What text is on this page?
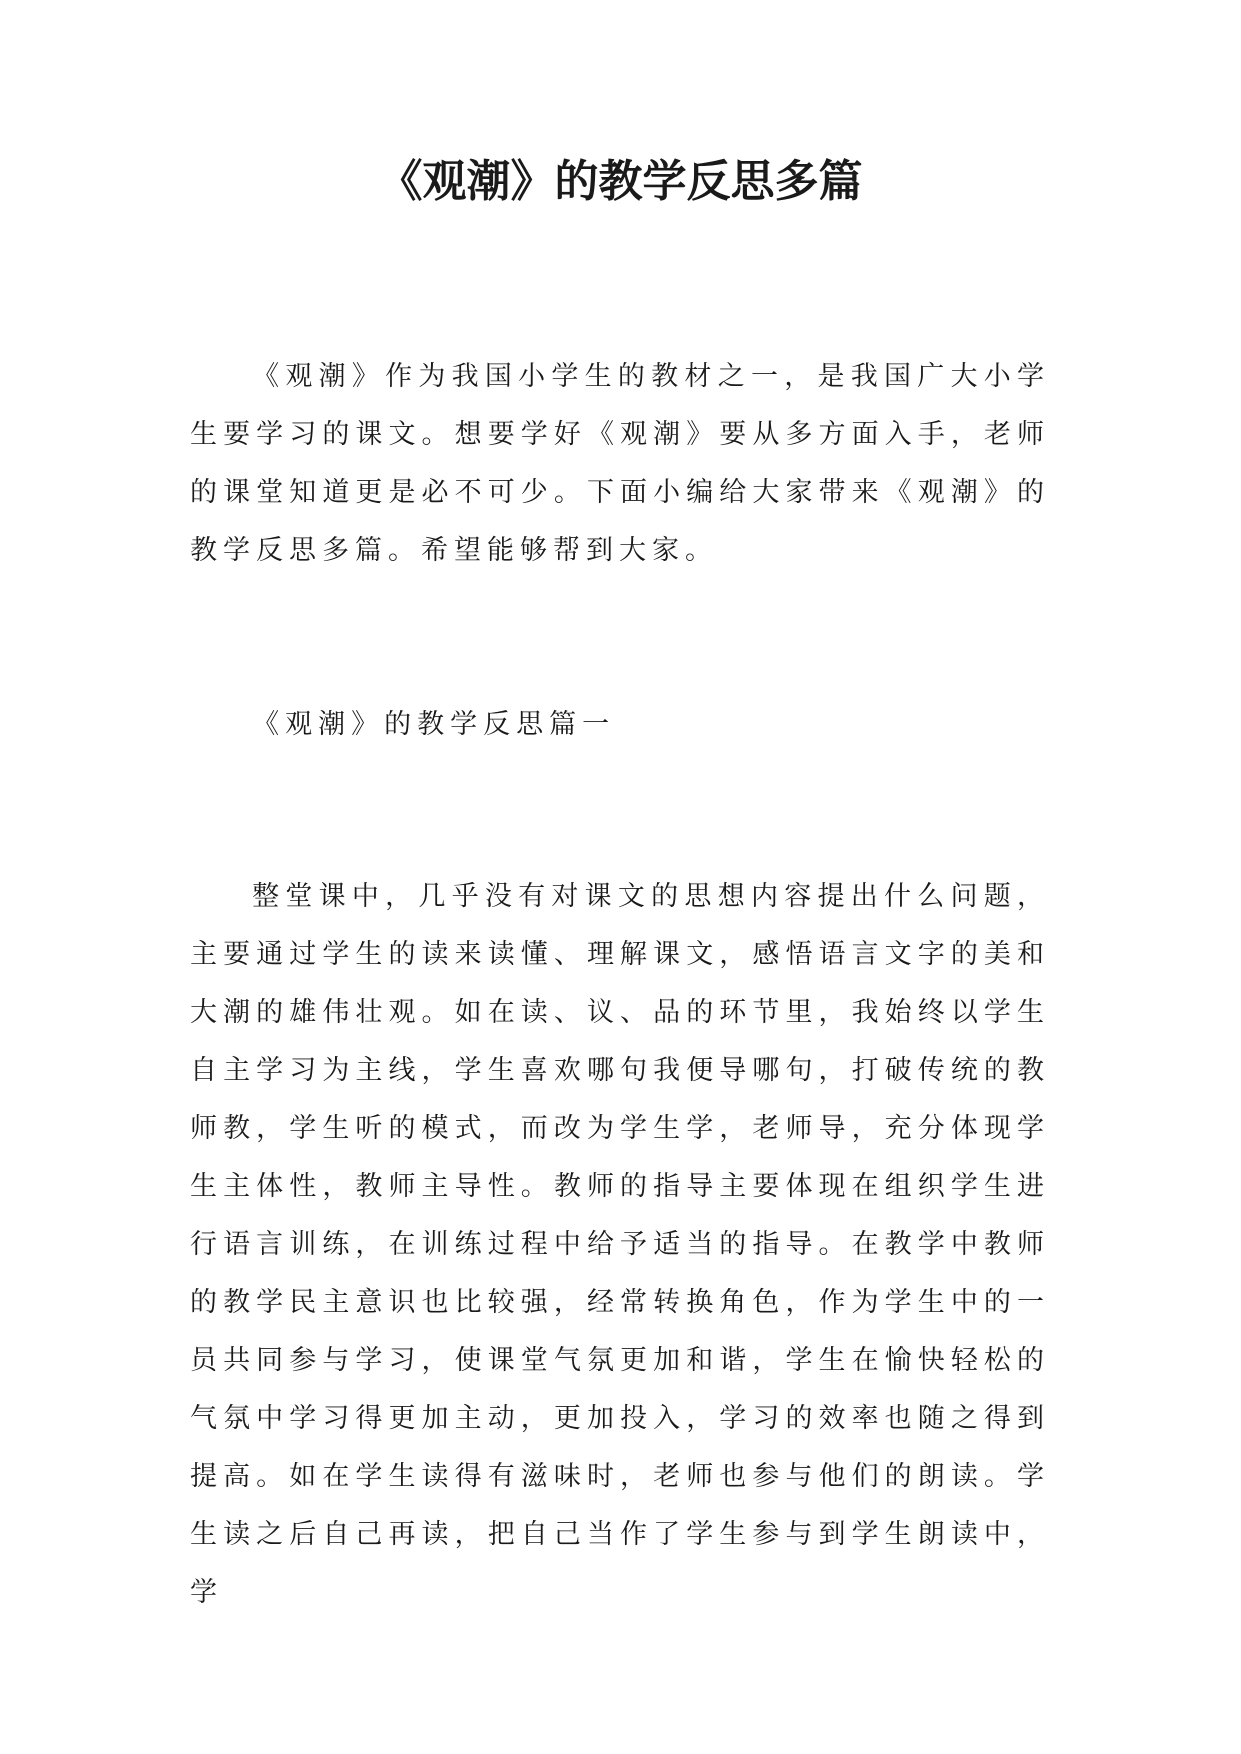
《观潮》的教学反思多篇

《观潮》作为我国小学生的教材之一，是我国广大小学生要学习的课文。想要学好《观潮》要从多方面入手，老师的课堂知道更是必不可少。下面小编给大家带来《观潮》的教学反思多篇。希望能够帮到大家。

《观潮》的教学反思篇一

整堂课中，几乎没有对课文的思想内容提出什么问题，主要通过学生的读来读懂、理解课文，感悟语言文字的美和大潮的雄伟壮观。如在读、议、品的环节里，我始终以学生自主学习为主线，学生喜欢哪句我便导哪句，打破传统的教师教，学生听的模式，而改为学生学，老师导，充分体现学生主体性，教师主导性。教师的指导主要体现在组织学生进行语言训练，在训练过程中给予适当的指导。在教学中教师的教学民主意识也比较强，经常转换角色，作为学生中的一员共同参与学习，使课堂气氛更加和谐，学生在愉快轻松的气氛中学习得更加主动，更加投入，学习的效率也随之得到提高。如在学生读得有滋味时，老师也参与他们的朗读。学生读之后自己再读，把自己当作了学生参与到学生朗读中，学
